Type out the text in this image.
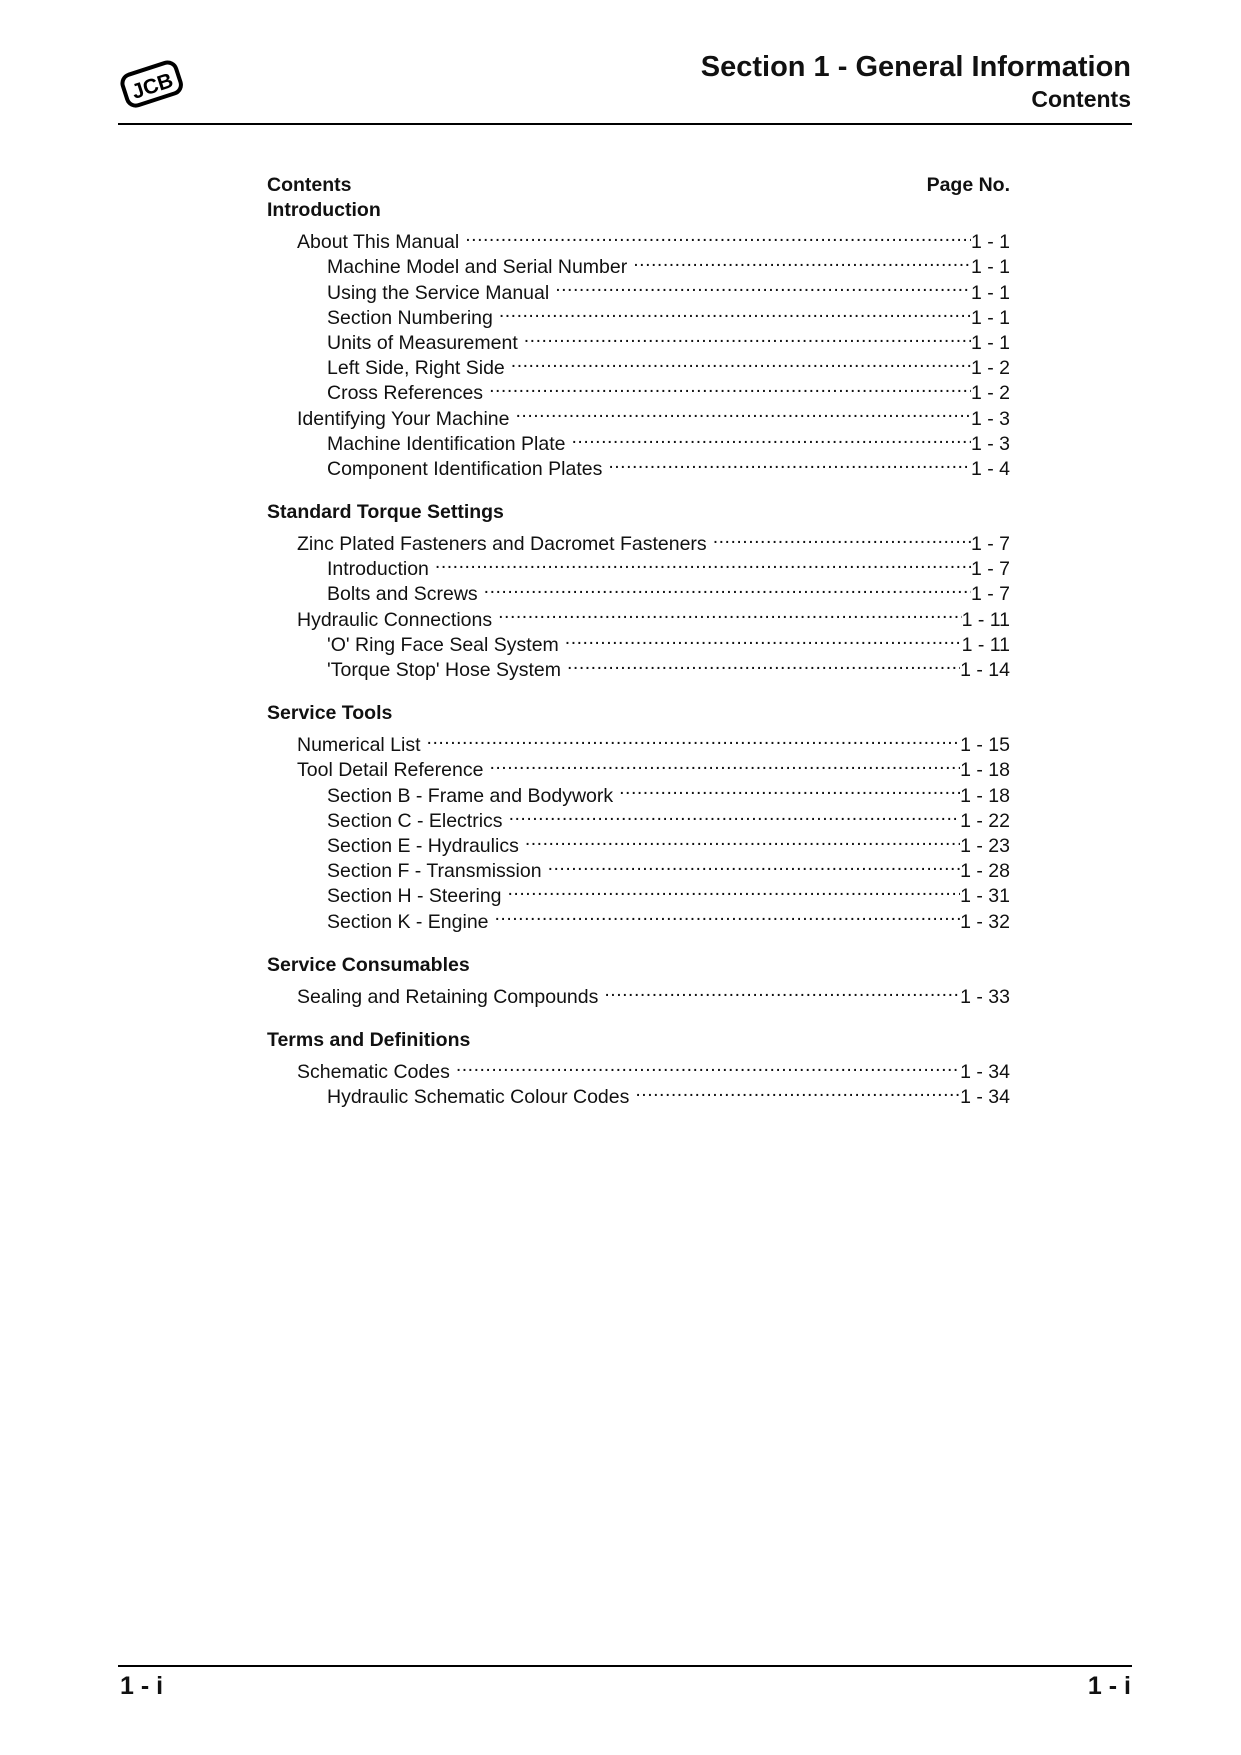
JCB
Section 1 - General Information
Contents
Contents	Page No.
Introduction
About This Manual .....	1 - 1
Machine Model and Serial Number .....	1 - 1
Using the Service Manual .....	1 - 1
Section Numbering .....	1 - 1
Units of Measurement .....	1 - 1
Left Side, Right Side .....	1 - 2
Cross References .....	1 - 2
Identifying Your Machine .....	1 - 3
Machine Identification Plate .....	1 - 3
Component Identification Plates .....	1 - 4
Standard Torque Settings
Zinc Plated Fasteners and Dacromet Fasteners .....	1 - 7
Introduction .....	1 - 7
Bolts and Screws .....	1 - 7
Hydraulic Connections .....	1 - 11
'O' Ring Face Seal System .....	1 - 11
'Torque Stop' Hose System .....	1 - 14
Service Tools
Numerical List .....	1 - 15
Tool Detail Reference .....	1 - 18
Section B - Frame and Bodywork .....	1 - 18
Section C - Electrics .....	1 - 22
Section E - Hydraulics .....	1 - 23
Section F - Transmission .....	1 - 28
Section H - Steering .....	1 - 31
Section K - Engine .....	1 - 32
Service Consumables
Sealing and Retaining Compounds .....	1 - 33
Terms and Definitions
Schematic Codes .....	1 - 34
Hydraulic Schematic Colour Codes .....	1 - 34
1 - i	1 - i
